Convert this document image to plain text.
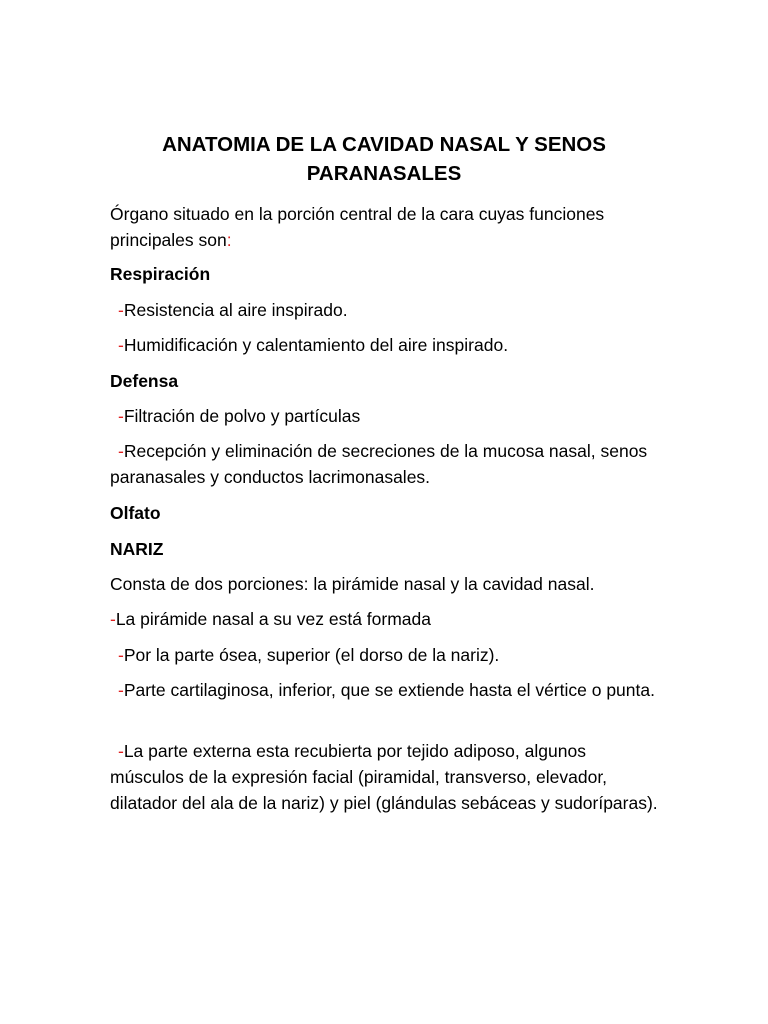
ANATOMIA DE LA CAVIDAD NASAL Y SENOS PARANASALES

Órgano situado en la porción central de la cara cuyas funciones principales son:

Respiración

-Resistencia al aire inspirado.

-Humidificación y calentamiento del aire inspirado.

Defensa

-Filtración de polvo y partículas

-Recepción y eliminación de secreciones de la mucosa nasal, senos paranasales y conductos lacrimonasales.

Olfato

NARIZ

Consta de dos porciones: la pirámide nasal y la cavidad nasal.

-La pirámide nasal a su vez está formada

-Por la parte ósea, superior (el dorso de la nariz).

-Parte cartilaginosa, inferior, que se extiende hasta el vértice o punta.

-La parte externa esta recubierta por tejido adiposo, algunos músculos de la expresión facial (piramidal, transverso, elevador, dilatador del ala de la nariz) y piel (glándulas sebáceas y sudoríparas).
